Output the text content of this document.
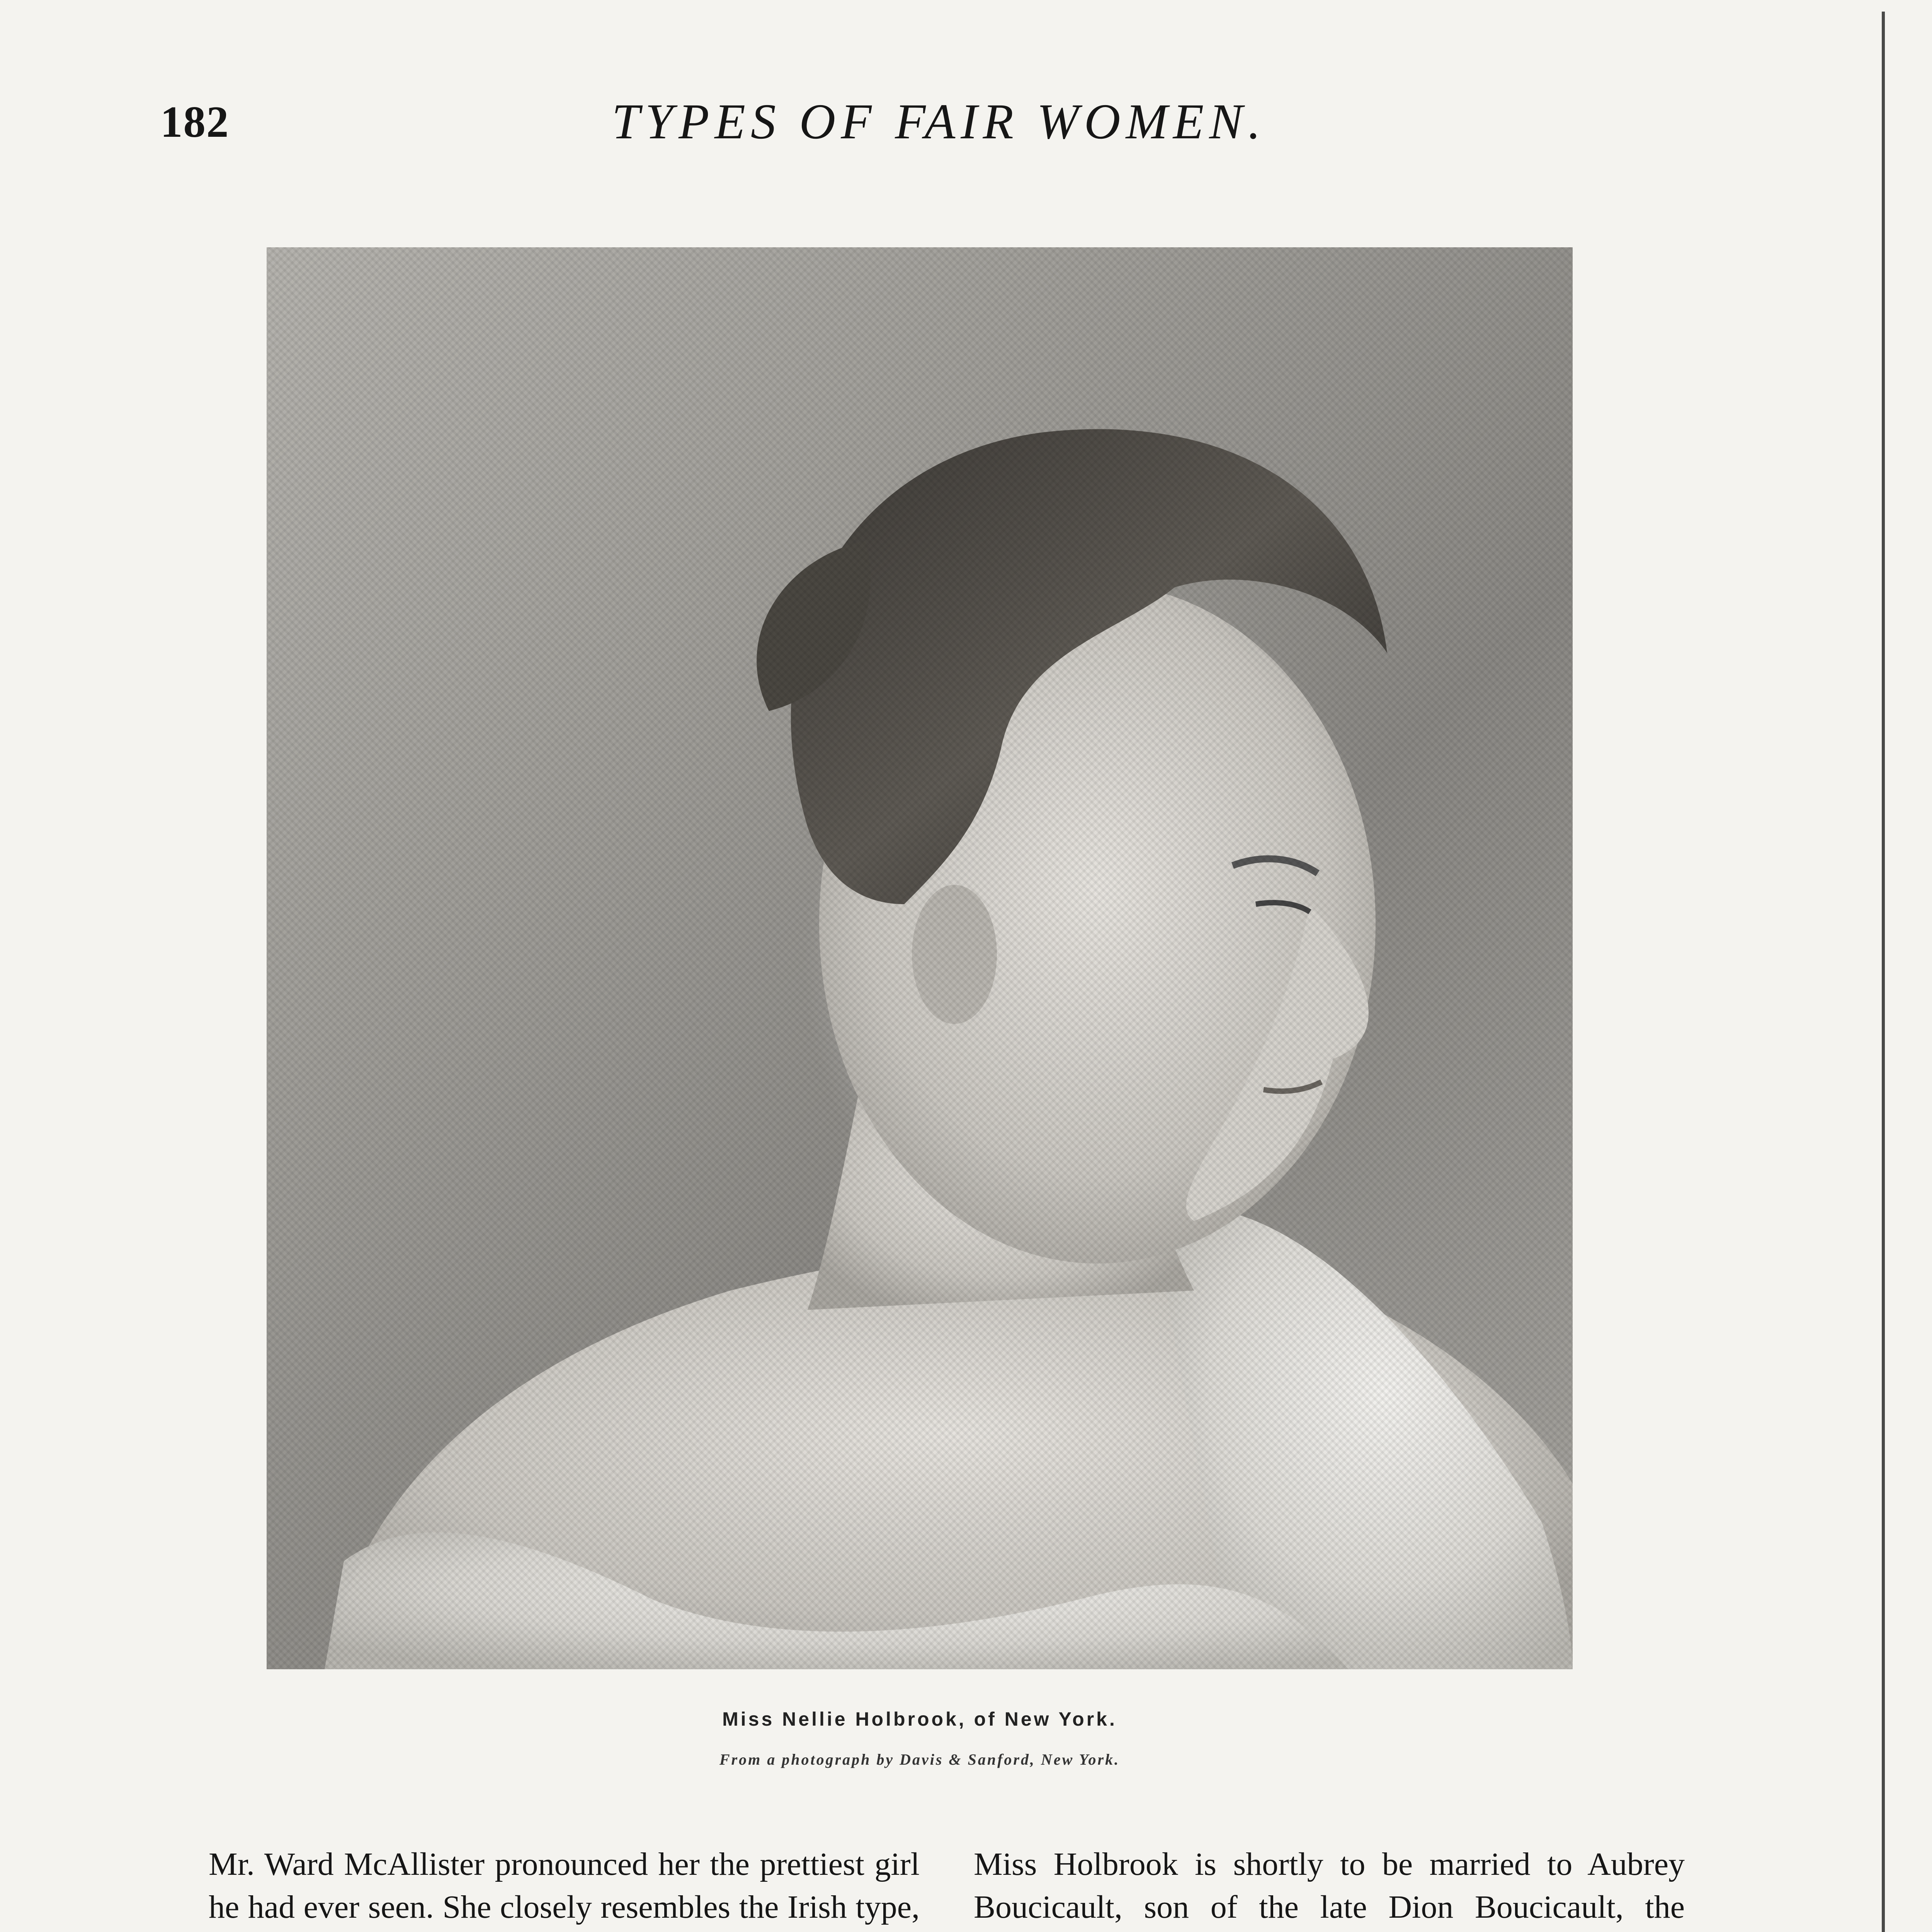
182	TYPES OF FAIR WOMEN.
Miss Nellie Holbrook, of New York.
From a photograph by Davis & Sanford, New York.

Mr. Ward McAllister pronounced her the prettiest girl he had ever seen. She closely resembles the Irish type,

Miss Holbrook is shortly to be married to Aubrey Boucicault, son of the late Dion Boucicault, the
